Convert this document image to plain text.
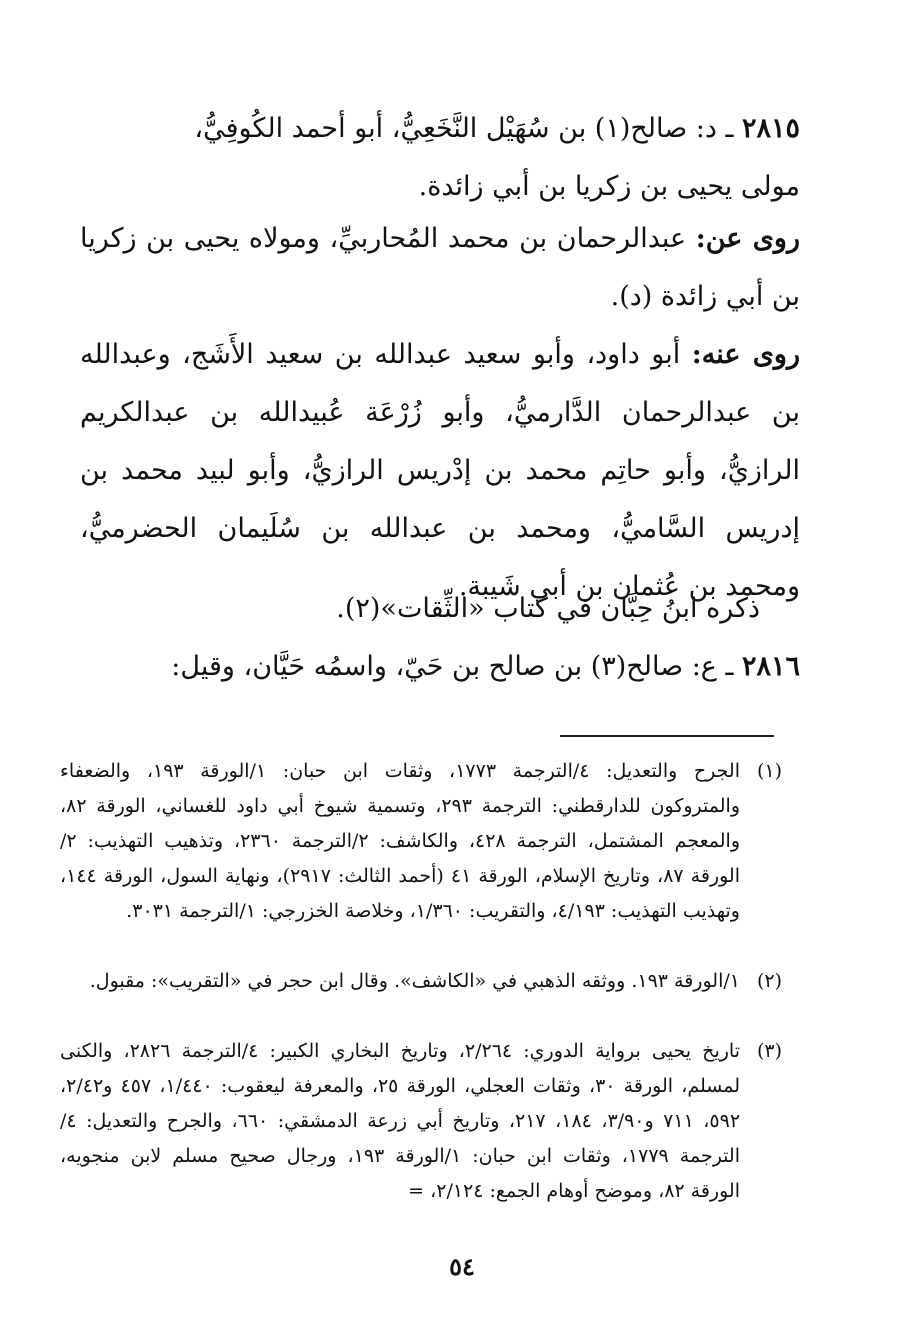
٢٨١٥ ـ د: صالح(١) بن سُهَيْل النَّخَعِيُّ، أبو أحمد الكُوفِيُّ،
مولى يحيى بن زكريا بن أبي زائدة.
روى عن: عبدالرحمان بن محمد المُحاربيِّ، ومولاه يحيى بن زكريا بن أبي زائدة (د).
روى عنه: أبو داود، وأبو سعيد عبدالله بن سعيد الأَشَج، وعبدالله بن عبدالرحمان الدَّارميُّ، وأبو زُرْعَة عُبيدالله بن عبدالكريم الرازيُّ، وأبو حاتِم محمد بن إدْريس الرازيُّ، وأبو لبيد محمد بن إدريس السَّاميُّ، ومحمد بن عبدالله بن سُلَيمان الحضرميُّ، ومحمد بن عُثمان بن أبي شَيبة.
ذكره ابنُ حِبَّان في كتاب «الثِّقات»(٢).
٢٨١٦ ـ ع: صالح(٣) بن صالح بن حَيّ، واسمُه حَيَّان، وقيل:
(١)
الجرح والتعديل: ٤/الترجمة ١٧٧٣، وثقات ابن حبان: ١/الورقة ١٩٣، والضعفاء والمتروكون للدارقطني: الترجمة ٢٩٣، وتسمية شيوخ أبي داود للغساني، الورقة ٨٢، والمعجم المشتمل، الترجمة ٤٢٨، والكاشف: ٢/الترجمة ٢٣٦٠، وتذهيب التهذيب: ٢/الورقة ٨٧، وتاريخ الإسلام، الورقة ٤١ (أحمد الثالث: ٢٩١٧)، ونهاية السول، الورقة ١٤٤، وتهذيب التهذيب: ٤/١٩٣، والتقريب: ١/٣٦٠، وخلاصة الخزرجي: ١/الترجمة ٣٠٣١.
(٢)
١/الورقة ١٩٣. ووثقه الذهبي في «الكاشف». وقال ابن حجر في «التقريب»: مقبول.
(٣)
تاريخ يحيى برواية الدوري: ٢/٢٦٤، وتاريخ البخاري الكبير: ٤/الترجمة ٢٨٢٦، والكنى لمسلم، الورقة ٣٠، وثقات العجلي، الورقة ٢٥، والمعرفة ليعقوب: ١/٤٤٠، ٤٥٧ و٢/٤٢، ٥٩٢، ٧١١ و٣/٩٠، ١٨٤، ٢١٧، وتاريخ أبي زرعة الدمشقي: ٦٦٠، والجرح والتعديل: ٤/الترجمة ١٧٧٩، وثقات ابن حبان: ١/الورقة ١٩٣، ورجال صحيح مسلم لابن منجويه، الورقة ٨٢، وموضح أوهام الجمع: ٢/١٢٤، =
٥٤
